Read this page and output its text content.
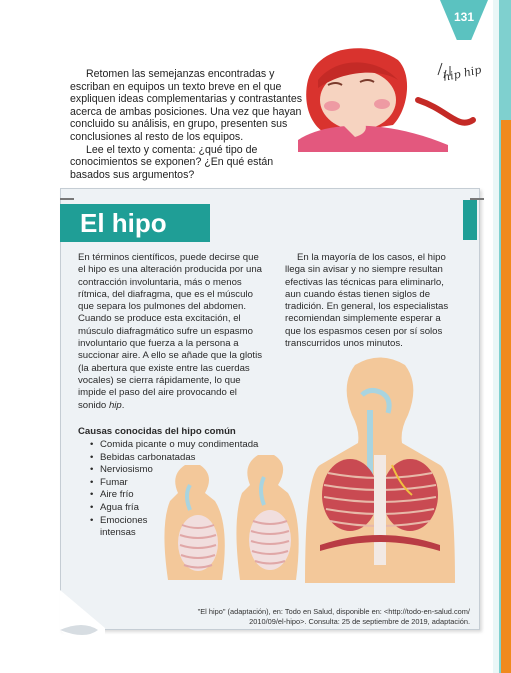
131

Retomen las semejanzas encontradas y escriban en equipos un texto breve en el que expliquen ideas complementarias y contrastantes acerca de ambas posiciones. Una vez que hayan concluido su análisis, en grupo, presenten sus conclusiones al resto de los equipos.

Lee el texto y comenta: ¿qué tipo de conocimientos se exponen? ¿En qué están basados sus argumentos?

hip hip
El hipo
En términos científicos, puede decirse que el hipo es una alteración producida por una contracción involuntaria, más o menos rítmica, del diafragma, que es el músculo que separa los pulmones del abdomen. Cuando se produce esta excitación, el músculo diafragmático sufre un espasmo involuntario que fuerza a la persona a succionar aire. A ello se añade que la glotis (la abertura que existe entre las cuerdas vocales) se cierra rápidamente, lo que impide el paso del aire provocando el sonido hip.
En la mayoría de los casos, el hipo llega sin avisar y no siempre resultan efectivas las técnicas para eliminarlo, aun cuando éstas tienen siglos de tradición. En general, los especialistas recomiendan simplemente esperar a que los espasmos cesen por sí solos transcurridos unos minutos.
Causas conocidas del hipo común
• Comida picante o muy condimentada
• Bebidas carbonatadas
• Nerviosismo
• Fumar
• Aire frío
• Agua fría
• Emociones
intensas
"El hipo" (adaptación), en: Todo en Salud, disponible en: <http://todo-en-salud.com/
2010/09/el-hipo>. Consulta: 25 de septiembre de 2019, adaptación.
